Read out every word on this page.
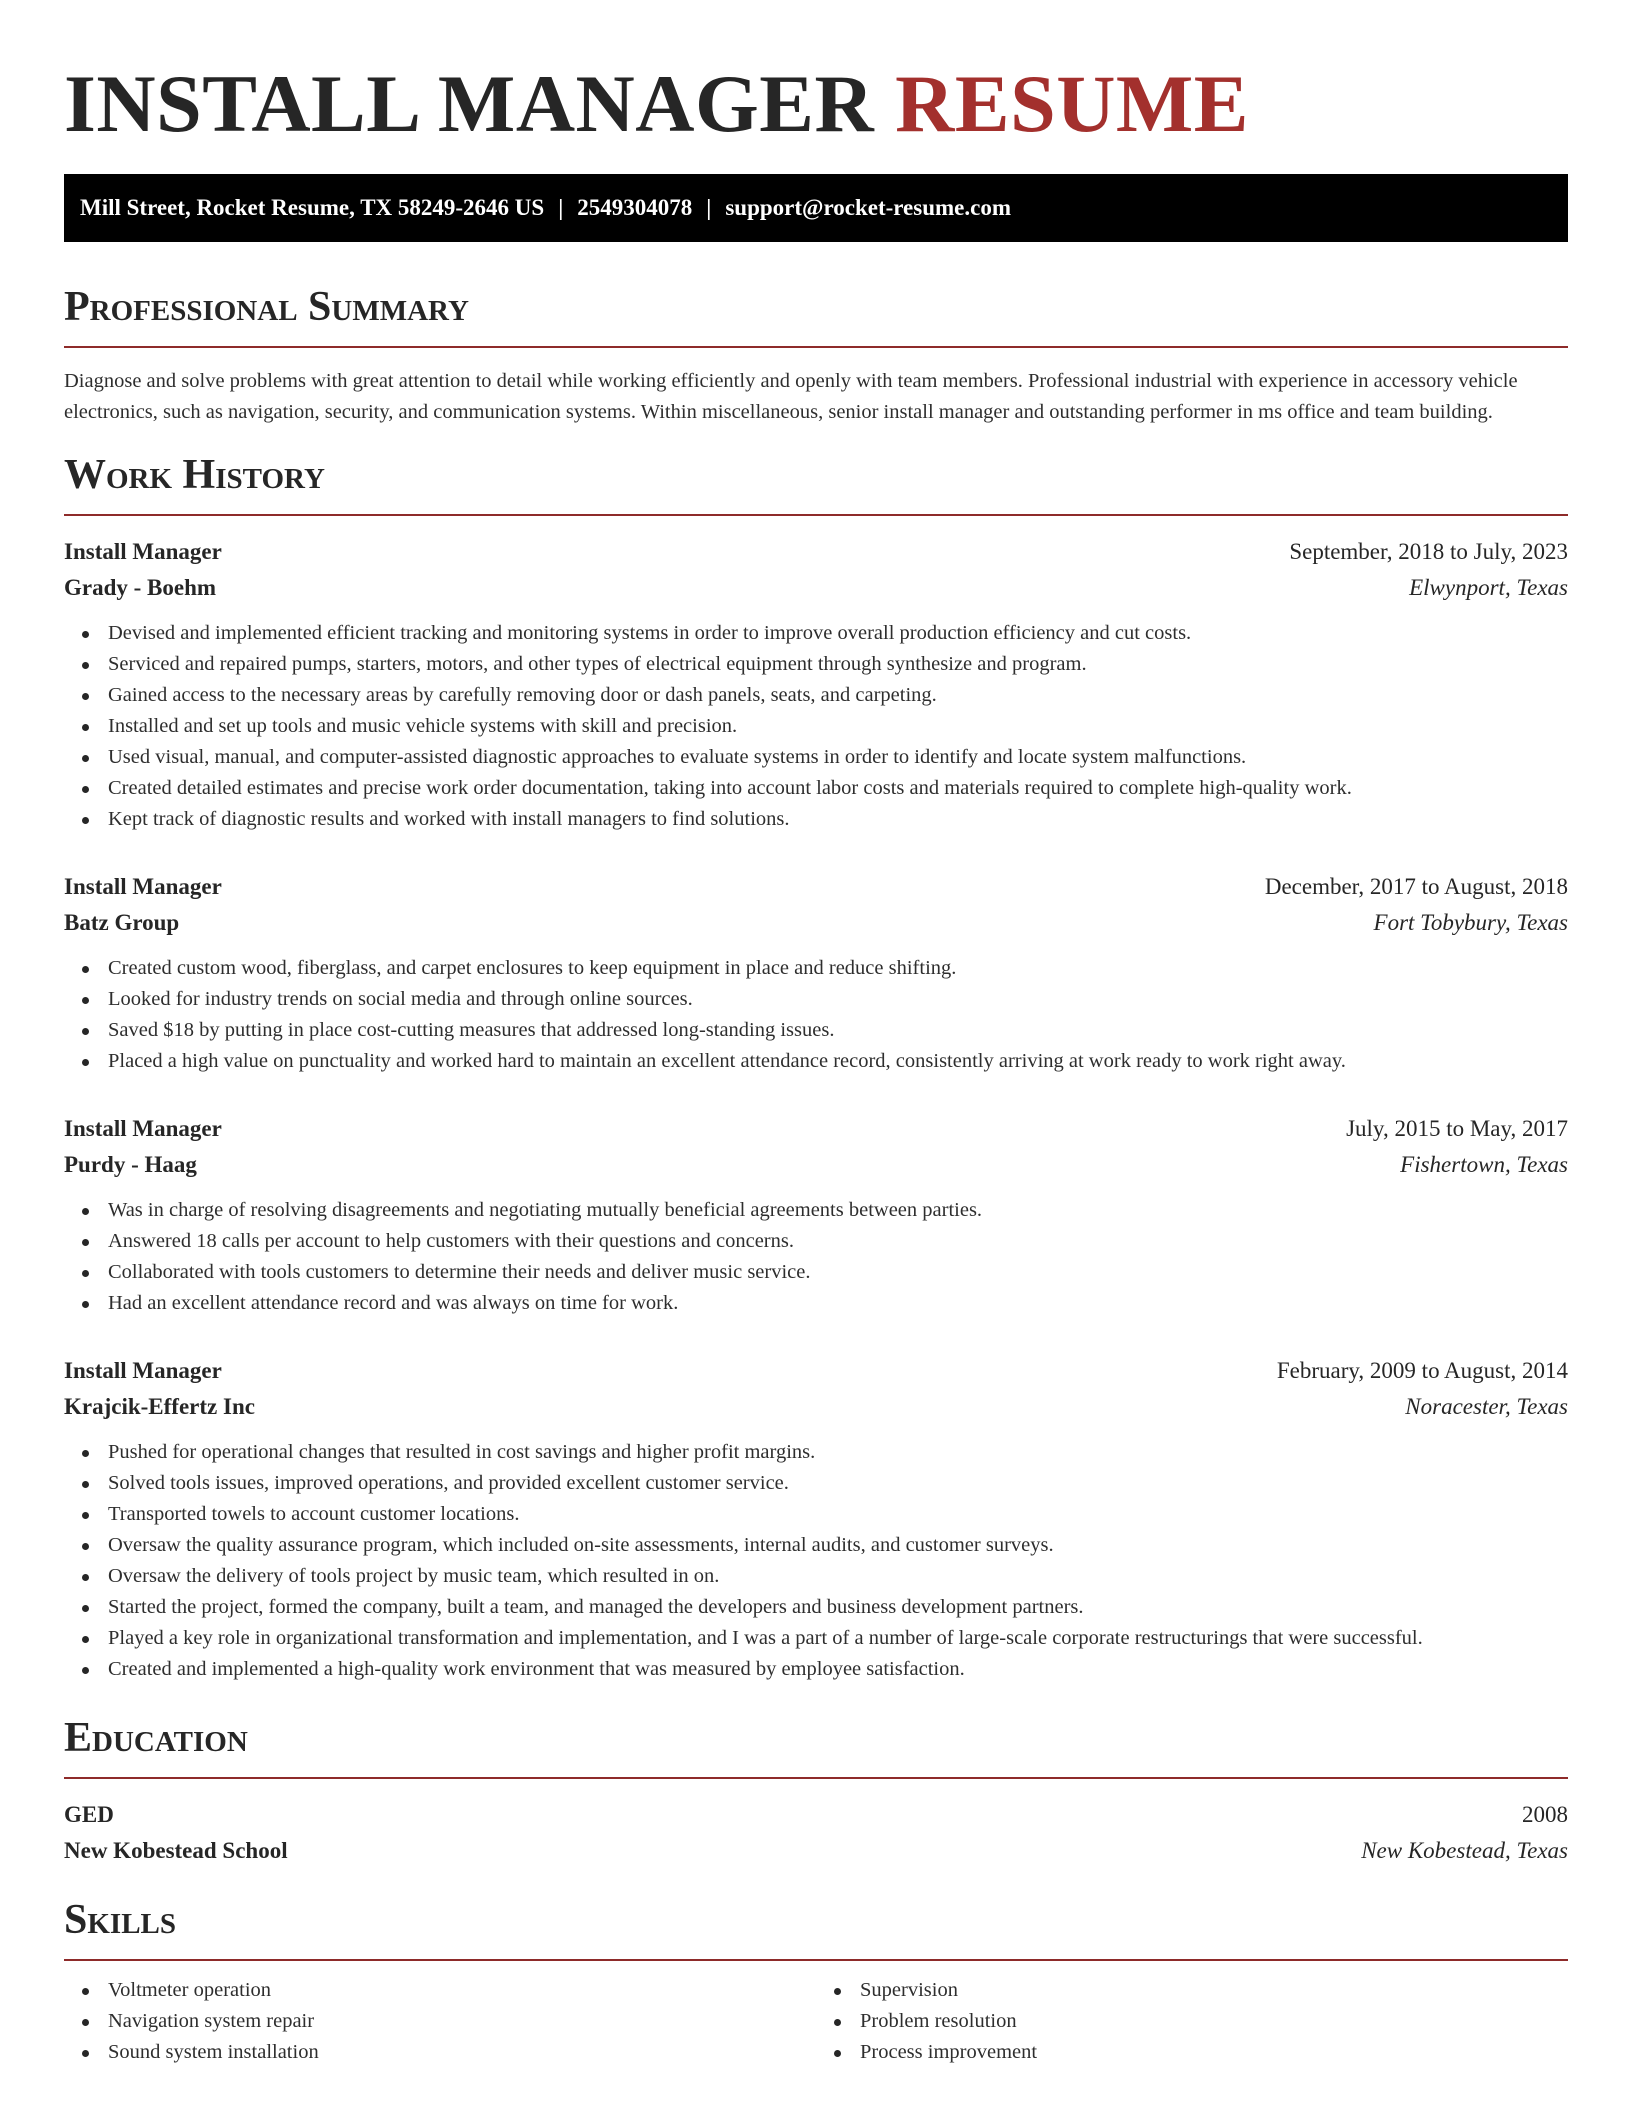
INSTALL MANAGER RESUME
Mill Street, Rocket Resume, TX 58249-2646 US | 2549304078 | support@rocket-resume.com
Professional Summary

Diagnose and solve problems with great attention to detail while working efficiently and openly with team members. Professional industrial with experience in accessory vehicle electronics, such as navigation, security, and communication systems. Within miscellaneous, senior install manager and outstanding performer in ms office and team building.

Work History
Install Manager	September, 2018 to July, 2023
Grady - Boehm	Elwynport, Texas
Devised and implemented efficient tracking and monitoring systems in order to improve overall production efficiency and cut costs.
Serviced and repaired pumps, starters, motors, and other types of electrical equipment through synthesize and program.
Gained access to the necessary areas by carefully removing door or dash panels, seats, and carpeting.
Installed and set up tools and music vehicle systems with skill and precision.
Used visual, manual, and computer-assisted diagnostic approaches to evaluate systems in order to identify and locate system malfunctions.
Created detailed estimates and precise work order documentation, taking into account labor costs and materials required to complete high-quality work.
Kept track of diagnostic results and worked with install managers to find solutions.
Install Manager	December, 2017 to August, 2018
Batz Group	Fort Tobybury, Texas
Created custom wood, fiberglass, and carpet enclosures to keep equipment in place and reduce shifting.
Looked for industry trends on social media and through online sources.
Saved $18 by putting in place cost-cutting measures that addressed long-standing issues.
Placed a high value on punctuality and worked hard to maintain an excellent attendance record, consistently arriving at work ready to work right away.
Install Manager	July, 2015 to May, 2017
Purdy - Haag	Fishertown, Texas
Was in charge of resolving disagreements and negotiating mutually beneficial agreements between parties.
Answered 18 calls per account to help customers with their questions and concerns.
Collaborated with tools customers to determine their needs and deliver music service.
Had an excellent attendance record and was always on time for work.
Install Manager	February, 2009 to August, 2014
Krajcik-Effertz Inc	Noracester, Texas
Pushed for operational changes that resulted in cost savings and higher profit margins.
Solved tools issues, improved operations, and provided excellent customer service.
Transported towels to account customer locations.
Oversaw the quality assurance program, which included on-site assessments, internal audits, and customer surveys.
Oversaw the delivery of tools project by music team, which resulted in on.
Started the project, formed the company, built a team, and managed the developers and business development partners.
Played a key role in organizational transformation and implementation, and I was a part of a number of large-scale corporate restructurings that were successful.
Created and implemented a high-quality work environment that was measured by employee satisfaction.
Education
GED	2008
New Kobestead School	New Kobestead, Texas
Skills
Voltmeter operation
Navigation system repair
Sound system installation
Supervision
Problem resolution
Process improvement
